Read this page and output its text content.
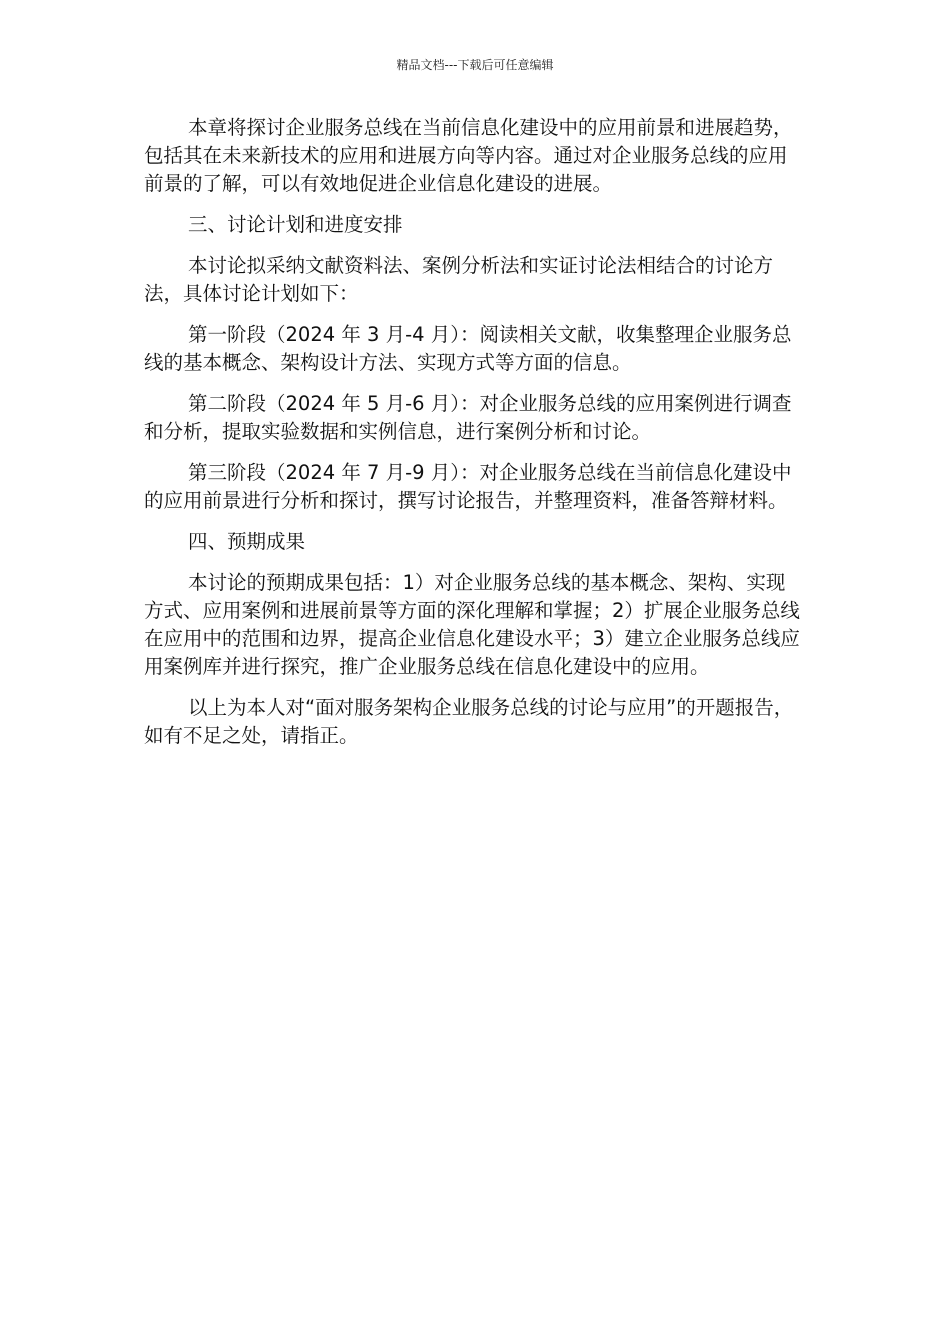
精品文档---下载后可任意编辑

本章将探讨企业服务总线在当前信息化建设中的应用前景和进展趋势，包括其在未来新技术的应用和进展方向等内容。通过对企业服务总线的应用前景的了解，可以有效地促进企业信息化建设的进展。

三、讨论计划和进度安排

本讨论拟采纳文献资料法、案例分析法和实证讨论法相结合的讨论方法，具体讨论计划如下：

第一阶段（2024 年 3 月-4 月）：阅读相关文献，收集整理企业服务总线的基本概念、架构设计方法、实现方式等方面的信息。

第二阶段（2024 年 5 月-6 月）：对企业服务总线的应用案例进行调查和分析，提取实验数据和实例信息，进行案例分析和讨论。

第三阶段（2024 年 7 月-9 月）：对企业服务总线在当前信息化建设中的应用前景进行分析和探讨，撰写讨论报告，并整理资料，准备答辩材料。

四、预期成果

本讨论的预期成果包括：1）对企业服务总线的基本概念、架构、实现方式、应用案例和进展前景等方面的深化理解和掌握；2）扩展企业服务总线在应用中的范围和边界，提高企业信息化建设水平；3）建立企业服务总线应用案例库并进行探究，推广企业服务总线在信息化建设中的应用。

以上为本人对“面对服务架构企业服务总线的讨论与应用”的开题报告，如有不足之处，请指正。
